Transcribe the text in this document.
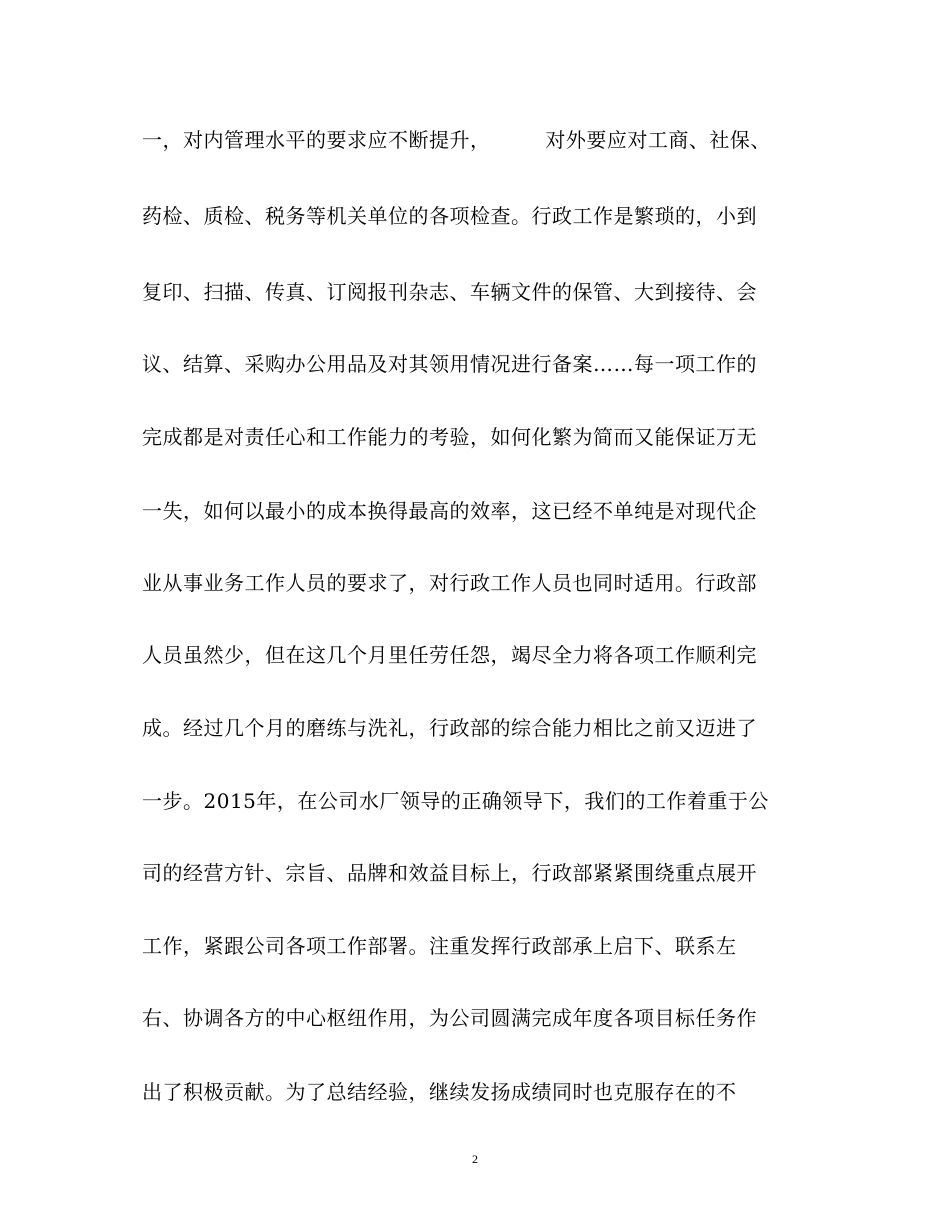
一，对内管理水平的要求应不断提升，        对外要应对工商、社保、
药检、质检、税务等机关单位的各项检查。行政工作是繁琐的，小到
复印、扫描、传真、订阅报刊杂志、车辆文件的保管、大到接待、会
议、结算、采购办公用品及对其领用情况进行备案……每一项工作的
完成都是对责任心和工作能力的考验，如何化繁为简而又能保证万无
一失，如何以最小的成本换得最高的效率，这已经不单纯是对现代企
业从事业务工作人员的要求了，对行政工作人员也同时适用。行政部
人员虽然少，但在这几个月里任劳任怨，竭尽全力将各项工作顺利完
成。经过几个月的磨练与洗礼，行政部的综合能力相比之前又迈进了
一步。2015年，在公司水厂领导的正确领导下，我们的工作着重于公
司的经营方针、宗旨、品牌和效益目标上，行政部紧紧围绕重点展开
工作，紧跟公司各项工作部署。注重发挥行政部承上启下、联系左
右、协调各方的中心枢纽作用，为公司圆满完成年度各项目标任务作
出了积极贡献。为了总结经验，继续发扬成绩同时也克服存在的不
2
